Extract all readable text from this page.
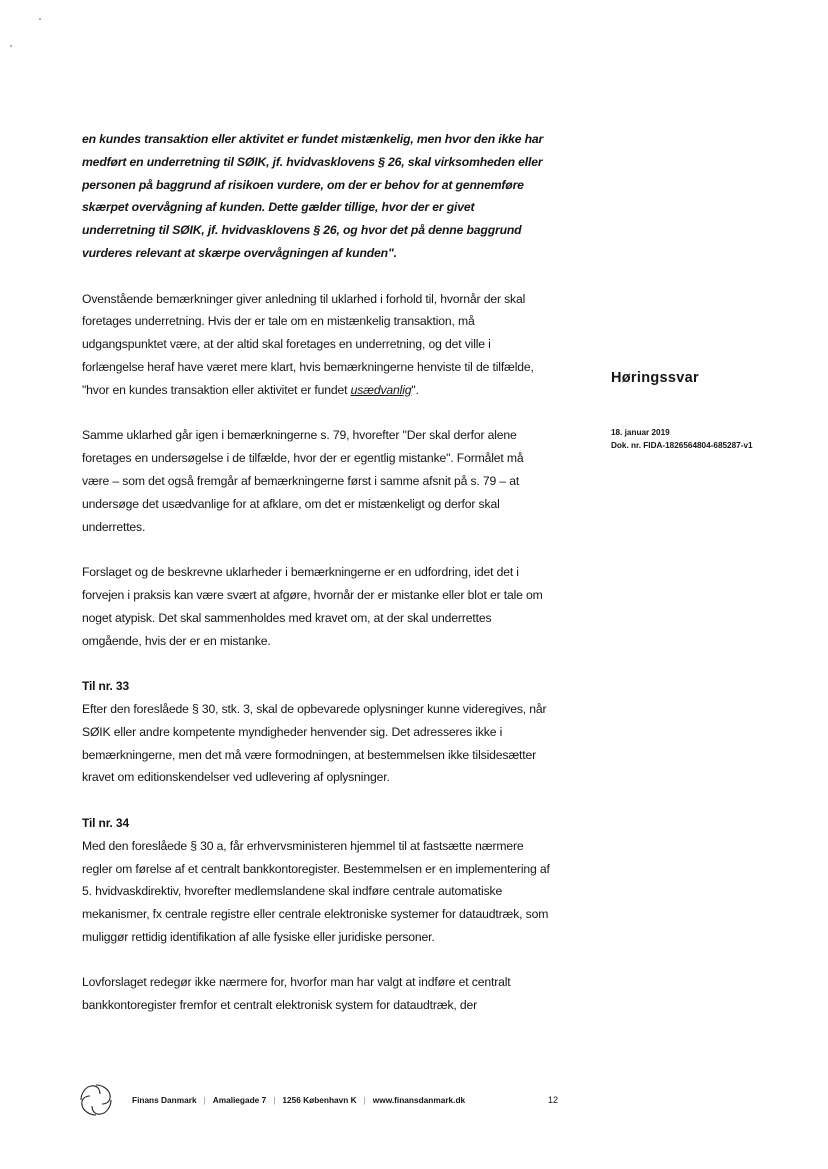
en kundes transaktion eller aktivitet er fundet mistænkelig, men hvor den ikke har medført en underretning til SØIK, jf. hvidvasklovens § 26, skal virksomheden eller personen på baggrund af risikoen vurdere, om der er behov for at gennemføre skærpet overvågning af kunden. Dette gælder tillige, hvor der er givet underretning til SØIK, jf. hvidvasklovens § 26, og hvor det på denne baggrund vurderes relevant at skærpe overvågningen af kunden".

Ovenstående bemærkninger giver anledning til uklarhed i forhold til, hvornår der skal foretages underretning. Hvis der er tale om en mistænkelig transaktion, må udgangspunktet være, at der altid skal foretages en underretning, og det ville i forlængelse heraf have været mere klart, hvis bemærkningerne henviste til de tilfælde, "hvor en kundes transaktion eller aktivitet er fundet usædvanlig".

Samme uklarhed går igen i bemærkningerne s. 79, hvorefter "Der skal derfor alene foretages en undersøgelse i de tilfælde, hvor der er egentlig mistanke". Formålet må være – som det også fremgår af bemærkningerne først i samme afsnit på s. 79 – at undersøge det usædvanlige for at afklare, om det er mistænkeligt og derfor skal underrettes.

Forslaget og de beskrevne uklarheder i bemærkningerne er en udfordring, idet det i forvejen i praksis kan være svært at afgøre, hvornår der er mistanke eller blot er tale om noget atypisk. Det skal sammenholdes med kravet om, at der skal underrettes omgående, hvis der er en mistanke.

Til nr. 33

Efter den foreslåede § 30, stk. 3, skal de opbevarede oplysninger kunne videregives, når SØIK eller andre kompetente myndigheder henvender sig. Det adresseres ikke i bemærkningerne, men det må være formodningen, at bestemmelsen ikke tilsidesætter kravet om editionskendelser ved udlevering af oplysninger.

Til nr. 34

Med den foreslåede § 30 a, får erhvervsministeren hjemmel til at fastsætte nærmere regler om førelse af et centralt bankkontoregister. Bestemmelsen er en implementering af 5. hvidvaskdirektiv, hvorefter medlemslandene skal indføre centrale automatiske mekanismer, fx centrale registre eller centrale elektroniske systemer for dataudtræk, som muliggør rettidig identifikation af alle fysiske eller juridiske personer.

Lovforslaget redegør ikke nærmere for, hvorfor man har valgt at indføre et centralt bankkontoregister fremfor et centralt elektronisk system for dataudtræk, der

Høringssvar
18. januar 2019
Dok. nr. FIDA-1826564804-685287-v1
Finans Danmark | Amaliegade 7 | 1256 København K | www.finansdanmark.dk	12
